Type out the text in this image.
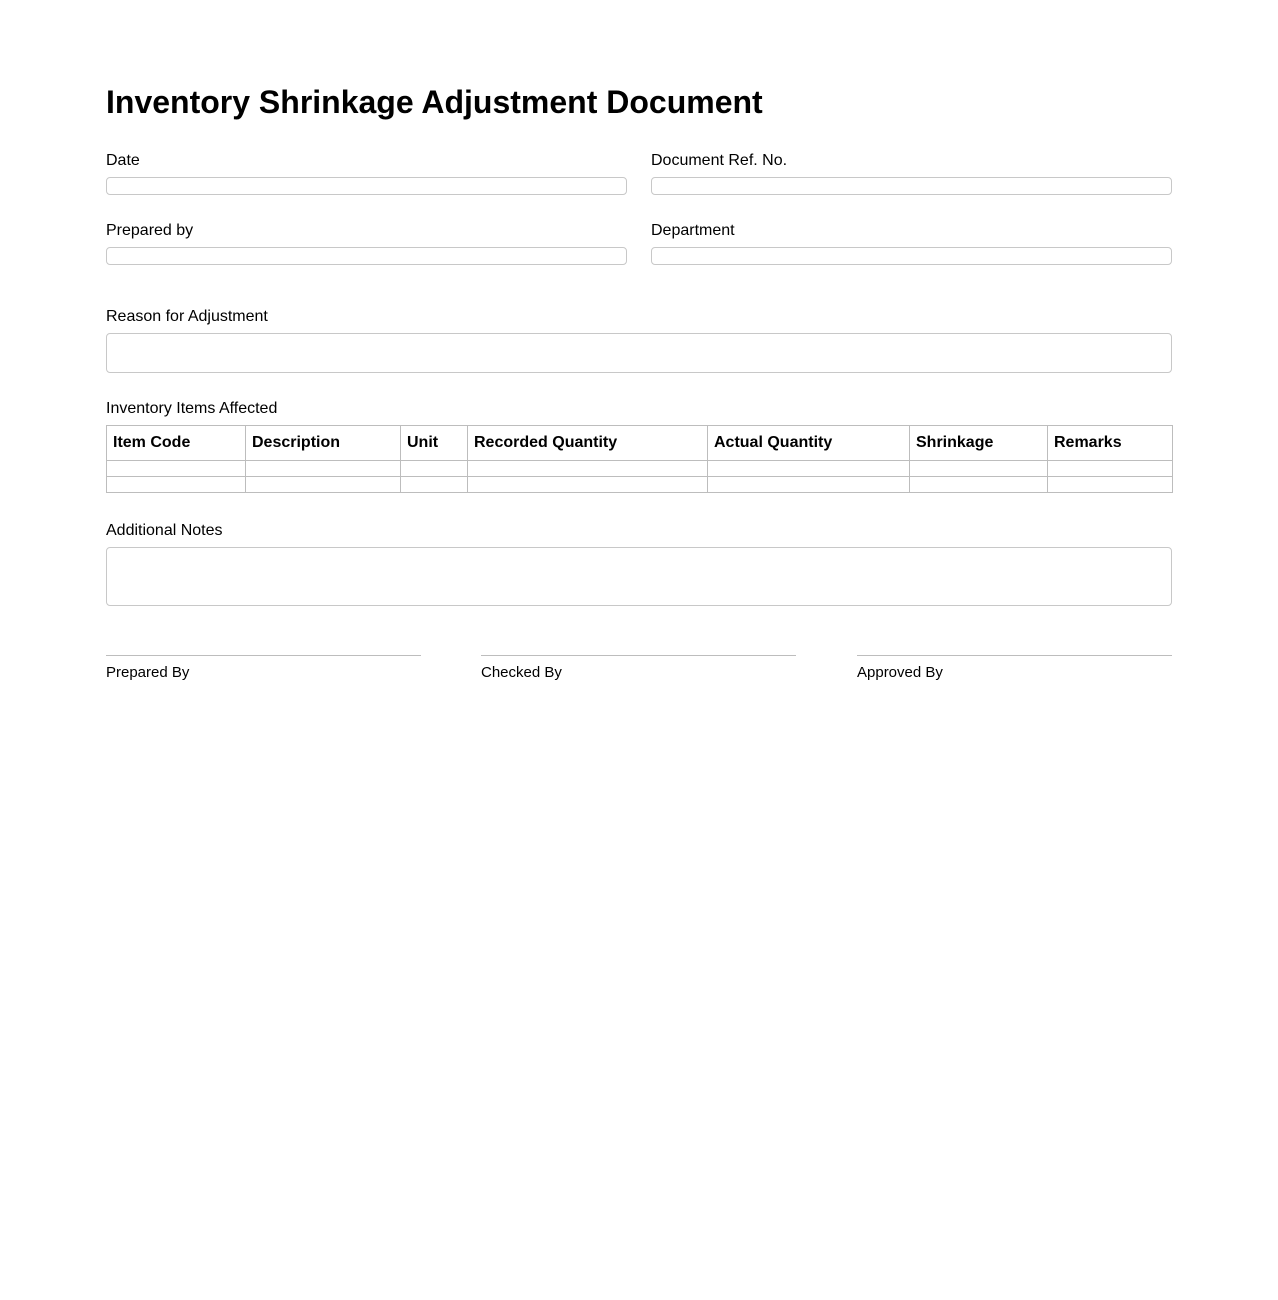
Inventory Shrinkage Adjustment Document
Date	Document Ref. No.
Prepared by	Department
Reason for Adjustment
Inventory Items Affected
Item Code	Description	Unit	Recorded Quantity	Actual Quantity	Shrinkage	Remarks

Additional Notes
Prepared By	Checked By	Approved By
